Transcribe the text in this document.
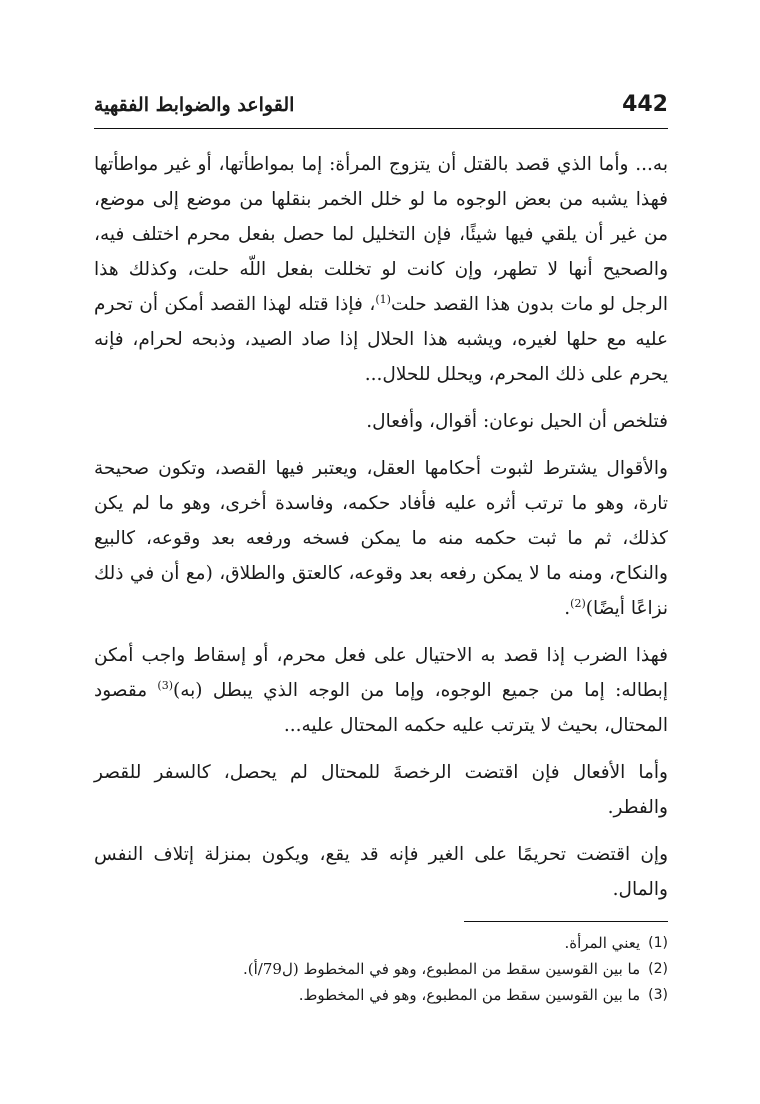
442
القواعد والضوابط الفقهية

به... وأما الذي قصد بالقتل أن يتزوج المرأة: إما بمواطأتها، أو غير مواطأتها فهذا يشبه من بعض الوجوه ما لو خلل الخمر بنقلها من موضع إلى موضع، من غير أن يلقي فيها شيئًا، فإن التخليل لما حصل بفعل محرم اختلف فيه، والصحيح أنها لا تطهر، وإن كانت لو تخللت بفعل اللّه حلت، وكذلك هذا الرجل لو مات بدون هذا القصد حلت$^{(1)}$، فإذا قتله لهذا القصد أمكن أن تحرم عليه مع حلها لغيره، ويشبه هذا الحلال إذا صاد الصيد، وذبحه لحرام، فإنه يحرم على ذلك المحرم، ويحلل للحلال...

فتلخص أن الحيل نوعان: أقوال، وأفعال.

والأقوال يشترط لثبوت أحكامها العقل، ويعتبر فيها القصد، وتكون صحيحة تارة، وهو ما ترتب أثره عليه فأفاد حكمه، وفاسدة أخرى، وهو ما لم يكن كذلك، ثم ما ثبت حكمه منه ما يمكن فسخه ورفعه بعد وقوعه، كالبيع والنكاح، ومنه ما لا يمكن رفعه بعد وقوعه، كالعتق والطلاق، (مع أن في ذلك نزاعًا أيضًا)$^{(2)}$.

فهذا الضرب إذا قصد به الاحتيال على فعل محرم، أو إسقاط واجب أمكن إبطاله: إما من جميع الوجوه، وإما من الوجه الذي يبطل (به)$^{(3)}$ مقصود المحتال، بحيث لا يترتب عليه حكمه المحتال عليه...

وأما الأفعال فإن اقتضت الرخصةَ للمحتال لم يحصل، كالسفر للقصر والفطر.

وإن اقتضت تحريمًا على الغير فإنه قد يقع، ويكون بمنزلة إتلاف النفس والمال.

(1)
يعني المرأة.
(2)
ما بين القوسين سقط من المطبوع، وهو في المخطوط (ل79/أ).
(3)
ما بين القوسين سقط من المطبوع، وهو في المخطوط.
